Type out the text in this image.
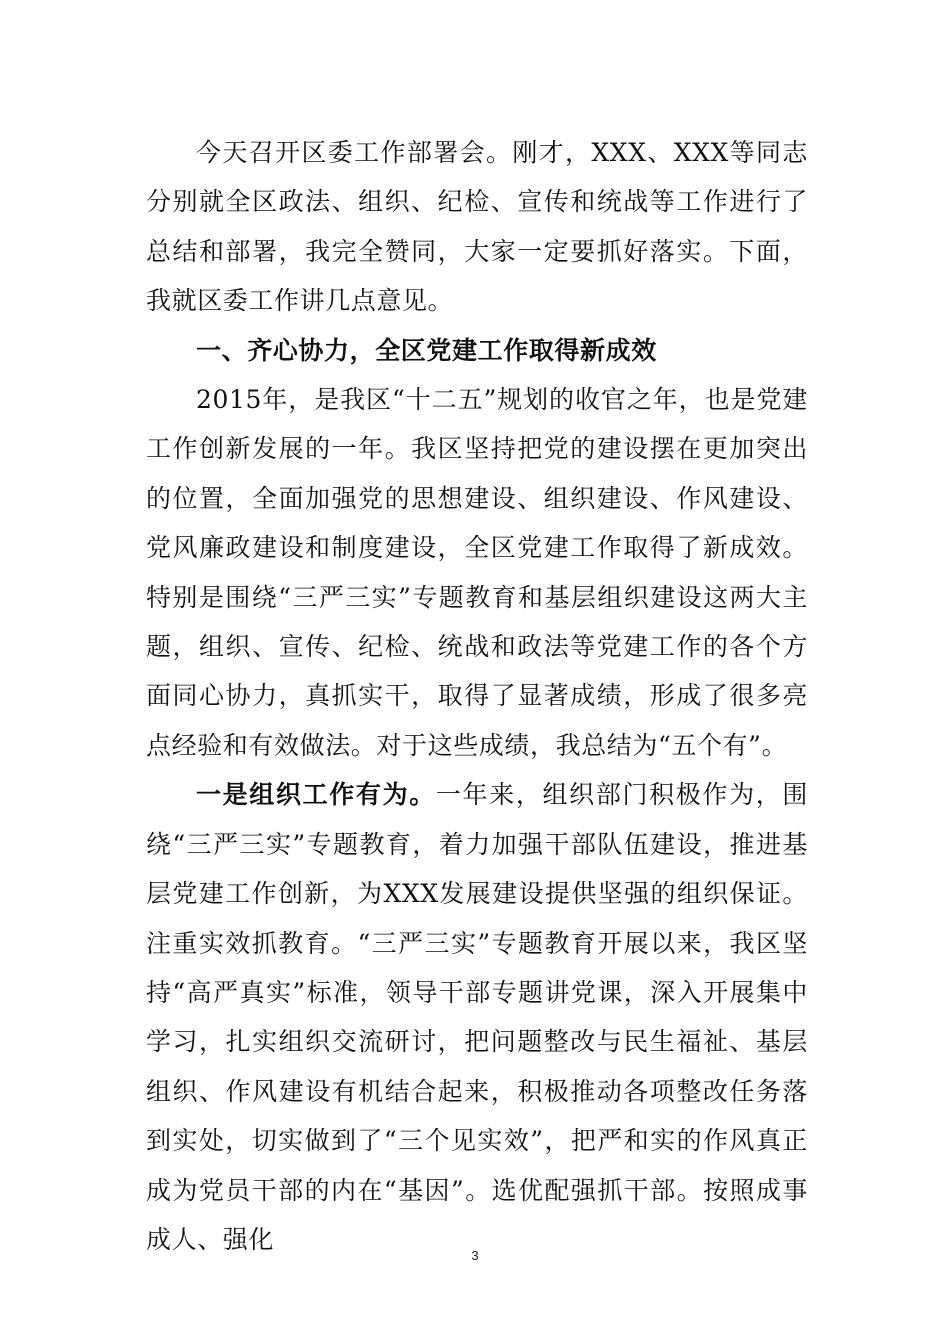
今天召开区委工作部署会。刚才，XXX、XXX等同志分别就全区政法、组织、纪检、宣传和统战等工作进行了总结和部署，我完全赞同，大家一定要抓好落实。下面，我就区委工作讲几点意见。

一、齐心协力，全区党建工作取得新成效

2015年，是我区“十二五”规划的收官之年，也是党建工作创新发展的一年。我区坚持把党的建设摆在更加突出的位置，全面加强党的思想建设、组织建设、作风建设、党风廉政建设和制度建设，全区党建工作取得了新成效。特别是围绕“三严三实”专题教育和基层组织建设这两大主题，组织、宣传、纪检、统战和政法等党建工作的各个方面同心协力，真抓实干，取得了显著成绩，形成了很多亮点经验和有效做法。对于这些成绩，我总结为“五个有”。

一是组织工作有为。一年来，组织部门积极作为，围绕“三严三实”专题教育，着力加强干部队伍建设，推进基层党建工作创新，为XXX发展建设提供坚强的组织保证。注重实效抓教育。“三严三实”专题教育开展以来，我区坚持“高严真实”标准，领导干部专题讲党课，深入开展集中学习，扎实组织交流研讨，把问题整改与民生福祉、基层组织、作风建设有机结合起来，积极推动各项整改任务落到实处，切实做到了“三个见实效”，把严和实的作风真正成为党员干部的内在“基因”。选优配强抓干部。按照成事成人、强化

3
